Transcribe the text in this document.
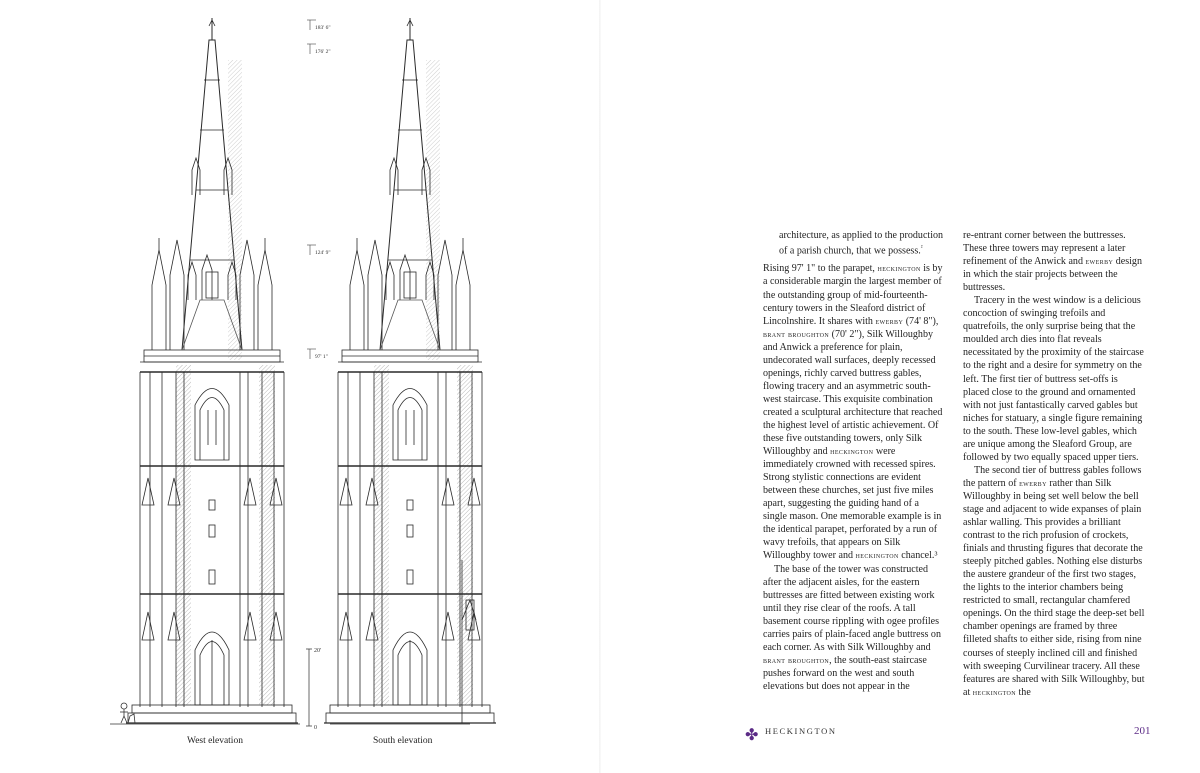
183' 6"
176' 2"
124' 9"
97' 1"
20'
0
West elevation	South elevation

architecture, as applied to the production of a parish church, that we possess.$^{^2}$

Rising 97' 1" to the parapet, heckington is by a considerable margin the largest member of the outstanding group of mid-fourteenth-century towers in the Sleaford district of Lincolnshire. It shares with ewerby (74' 8"), brant broughton (70' 2"), Silk Willoughby and Anwick a preference for plain, undecorated wall surfaces, deeply recessed openings, richly carved buttress gables, flowing tracery and an asymmetric south-west staircase. This exquisite combination created a sculptural architecture that reached the highest level of artistic achievement. Of these five outstanding towers, only Silk Willoughby and heckington were immediately crowned with recessed spires. Strong stylistic connections are evident between these churches, set just five miles apart, suggesting the guiding hand of a single mason. One memorable example is in the identical parapet, perforated by a run of wavy trefoils, that appears on Silk Willoughby tower and heckington chancel.³

The base of the tower was constructed after the adjacent aisles, for the eastern buttresses are fitted between existing work until they rise clear of the roofs. A tall basement course rippling with ogee profiles carries pairs of plain-faced angle buttress on each corner. As with Silk Willoughby and brant broughton, the south-east staircase pushes forward on the west and south elevations but does not appear in the

re-entrant corner between the buttresses. These three towers may represent a later refinement of the Anwick and ewerby design in which the stair projects between the buttresses.

Tracery in the west window is a delicious concoction of swinging trefoils and quatrefoils, the only surprise being that the moulded arch dies into flat reveals necessitated by the proximity of the staircase to the right and a desire for symmetry on the left. The first tier of buttress set-offs is placed close to the ground and ornamented with not just fantastically carved gables but niches for statuary, a single figure remaining to the south. These low-level gables, which are unique among the Sleaford Group, are followed by two equally spaced upper tiers.

The second tier of buttress gables follows the pattern of ewerby rather than Silk Willoughby in being set well below the bell stage and adjacent to wide expanses of plain ashlar walling. This provides a brilliant contrast to the rich profusion of crockets, finials and thrusting figures that decorate the steeply pitched gables. Nothing else disturbs the austere grandeur of the first two stages, the lights to the interior chambers being restricted to small, rectangular chamfered openings. On the third stage the deep-set bell chamber openings are framed by three filleted shafts to either side, rising from nine courses of steeply inclined cill and finished with sweeping Curvilinear tracery. All these features are shared with Silk Willoughby, but at heckington the

✤ HECKINGTON	201
